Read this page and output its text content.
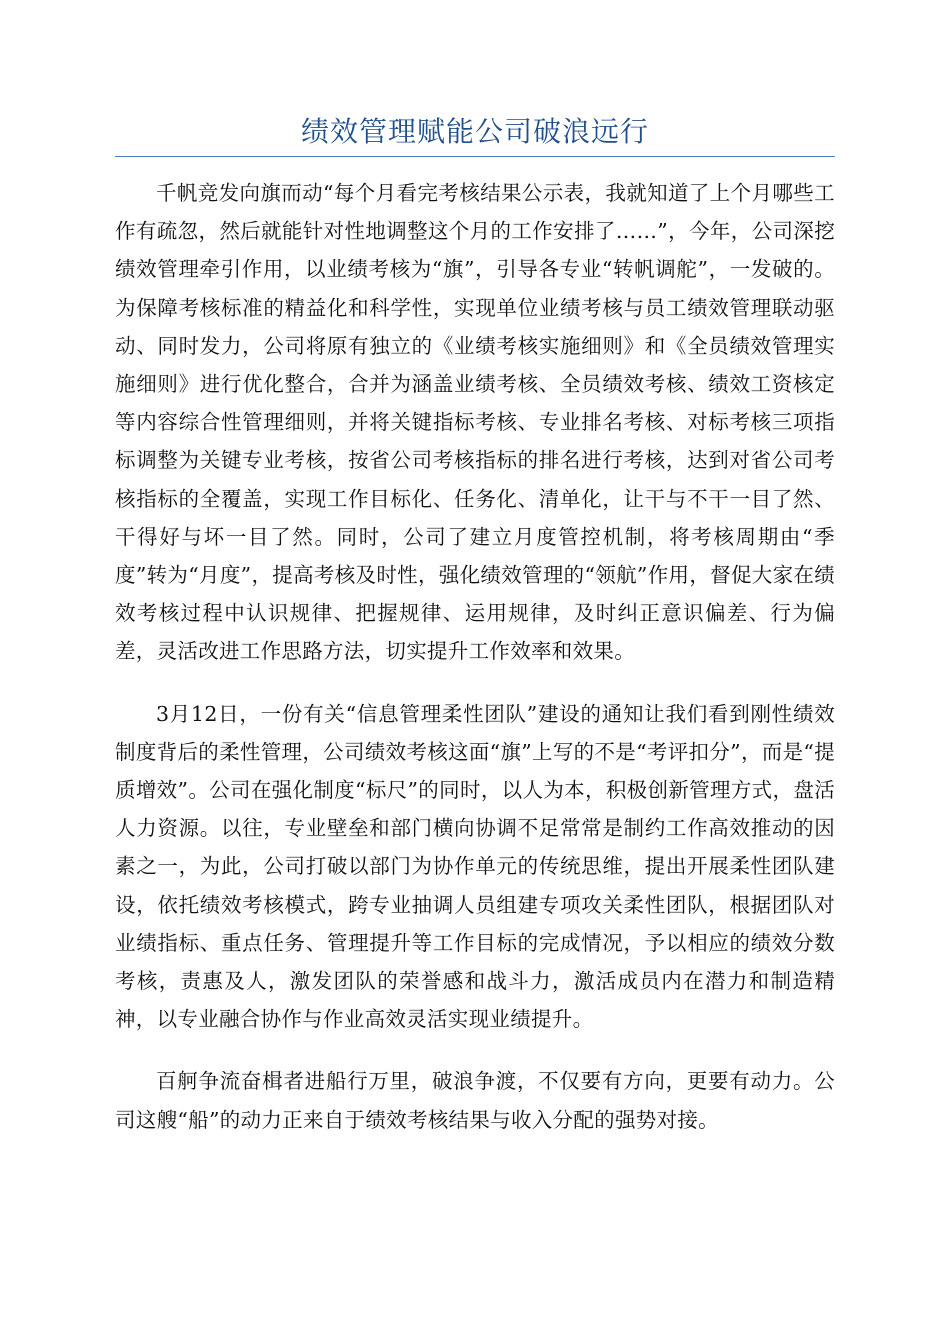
绩效管理赋能公司破浪远行

千帆竞发向旗而动“每个月看完考核结果公示表，我就知道了上个月哪些工作有疏忽，然后就能针对性地调整这个月的工作安排了……”，今年，公司深挖绩效管理牵引作用，以业绩考核为“旗”，引导各专业“转帆调舵”，一发破的。为保障考核标准的精益化和科学性，实现单位业绩考核与员工绩效管理联动驱动、同时发力，公司将原有独立的《业绩考核实施细则》和《全员绩效管理实施细则》进行优化整合，合并为涵盖业绩考核、全员绩效考核、绩效工资核定等内容综合性管理细则，并将关键指标考核、专业排名考核、对标考核三项指标调整为关键专业考核，按省公司考核指标的排名进行考核，达到对省公司考核指标的全覆盖，实现工作目标化、任务化、清单化，让干与不干一目了然、干得好与坏一目了然。同时，公司了建立月度管控机制，将考核周期由“季度”转为“月度”，提高考核及时性，强化绩效管理的“领航”作用，督促大家在绩效考核过程中认识规律、把握规律、运用规律，及时纠正意识偏差、行为偏差，灵活改进工作思路方法，切实提升工作效率和效果。

3月12日，一份有关“信息管理柔性团队”建设的通知让我们看到刚性绩效制度背后的柔性管理，公司绩效考核这面“旗”上写的不是“考评扣分”，而是“提质增效”。公司在强化制度“标尺”的同时，以人为本，积极创新管理方式，盘活人力资源。以往，专业壁垒和部门横向协调不足常常是制约工作高效推动的因素之一，为此，公司打破以部门为协作单元的传统思维，提出开展柔性团队建设，依托绩效考核模式，跨专业抽调人员组建专项攻关柔性团队，根据团队对业绩指标、重点任务、管理提升等工作目标的完成情况，予以相应的绩效分数考核，责惠及人，激发团队的荣誉感和战斗力，激活成员内在潜力和制造精神，以专业融合协作与作业高效灵活实现业绩提升。

百舸争流奋楫者进船行万里，破浪争渡，不仅要有方向，更要有动力。公司这艘“船”的动力正来自于绩效考核结果与收入分配的强势对接。
